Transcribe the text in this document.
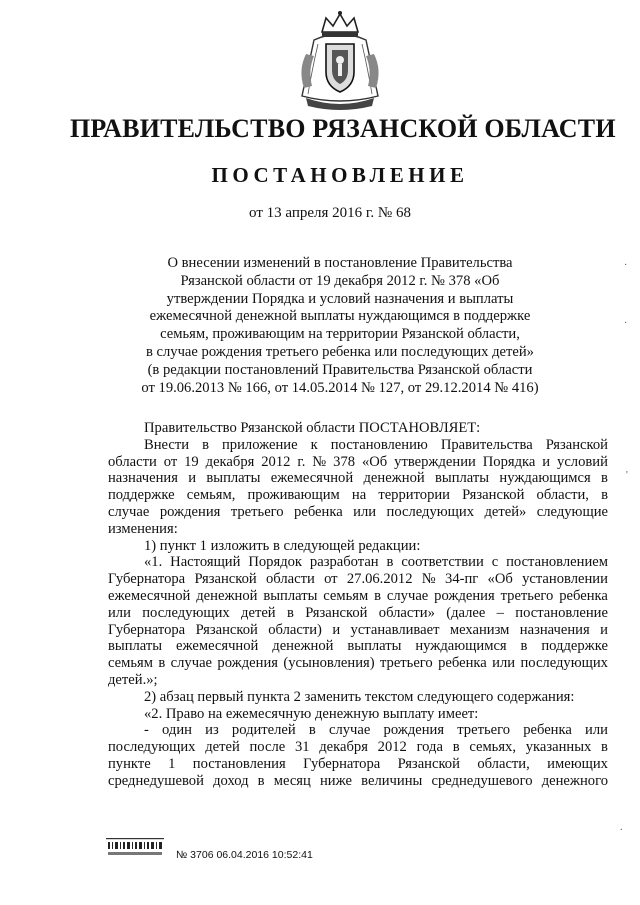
ПРАВИТЕЛЬСТВО РЯЗАНСКОЙ ОБЛАСТИ
ПОСТАНОВЛЕНИЕ
от 13 апреля 2016 г. № 68
О внесении изменений в постановление Правительства
Рязанской области от 19 декабря 2012 г. № 378 «Об
утверждении Порядка и условий назначения и выплаты
ежемесячной денежной выплаты нуждающимся в поддержке
семьям, проживающим на территории Рязанской области,
в случае рождения третьего ребенка или последующих детей»
(в редакции постановлений Правительства Рязанской области
от 19.06.2013 № 166, от 14.05.2014 № 127, от 29.12.2014 № 416)
Правительство Рязанской области ПОСТАНОВЛЯЕТ:
Внести в приложение к постановлению Правительства Рязанской
области от 19 декабря 2012 г. № 378 «Об утверждении Порядка и условий
назначения и выплаты ежемесячной денежной выплаты нуждающимся в
поддержке семьям, проживающим на территории Рязанской области, в
случае рождения третьего ребенка или последующих детей» следующие
изменения:
1) пункт 1 изложить в следующей редакции:
«1. Настоящий Порядок разработан в соответствии с постановлением
Губернатора Рязанской области от 27.06.2012 № 34-пг «Об установлении
ежемесячной денежной выплаты семьям в случае рождения третьего ребенка
или последующих детей в Рязанской области» (далее – постановление
Губернатора Рязанской области) и устанавливает механизм назначения и
выплаты ежемесячной денежной выплаты нуждающимся в поддержке
семьям в случае рождения (усыновления) третьего ребенка или последующих
детей.»;
2) абзац первый пункта 2 заменить текстом следующего содержания:
«2. Право на ежемесячную денежную выплату имеет:
- один из родителей в случае рождения третьего ребенка или
последующих детей после 31 декабря 2012 года в семьях, указанных в
пункте 1 постановления Губернатора Рязанской области, имеющих
среднедушевой доход в месяц ниже величины среднедушевого денежного
№ 3706 06.04.2016 10:52:41
·
·
'
.
